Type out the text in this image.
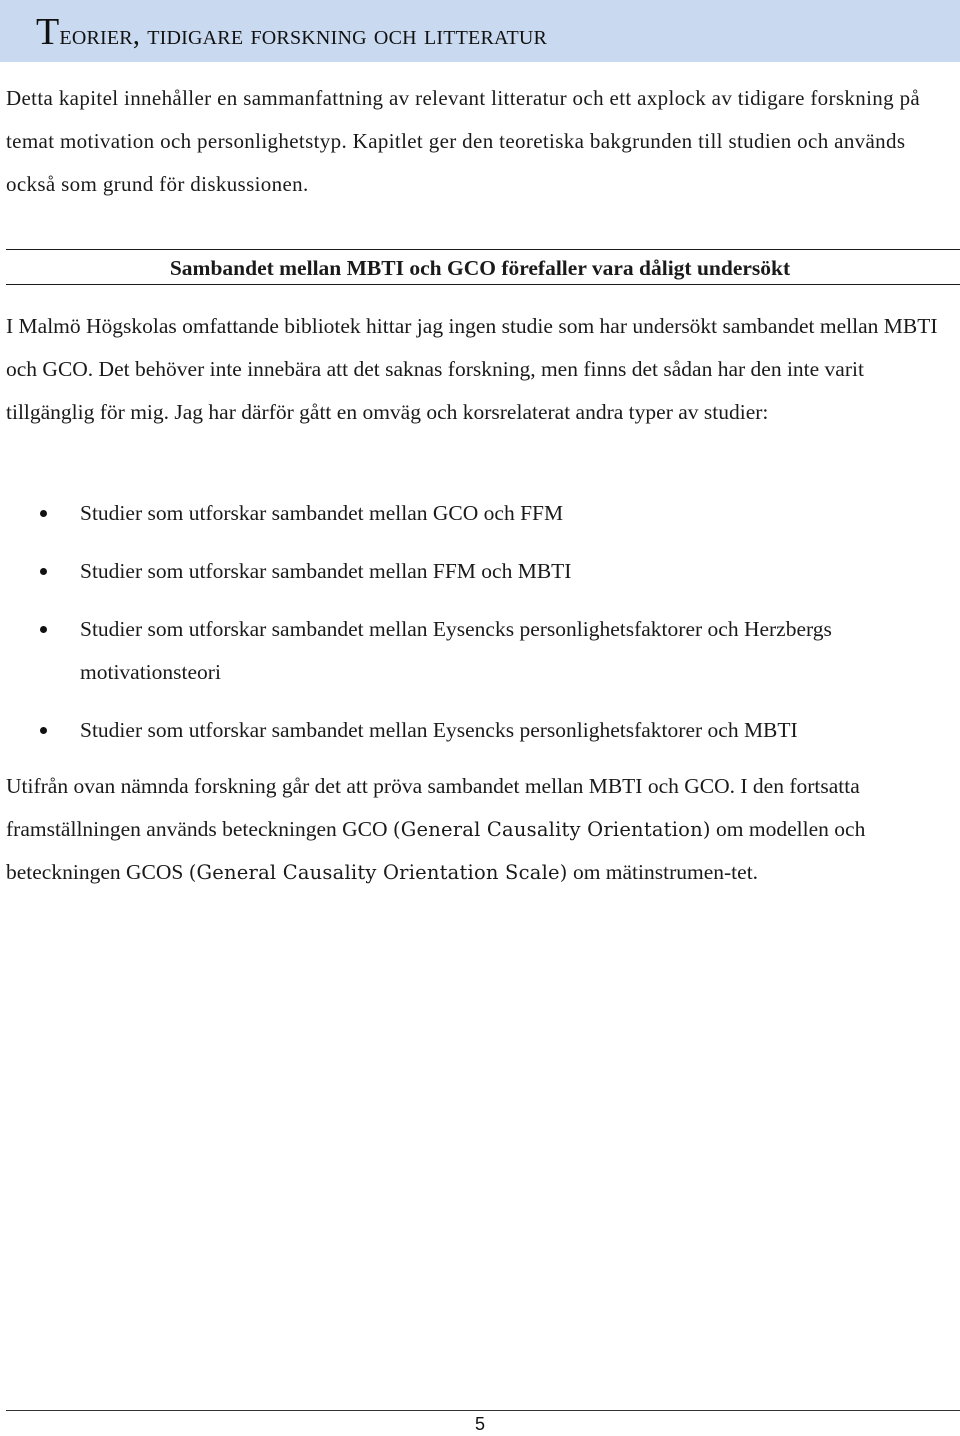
Teorier, tidigare forskning och litteratur

Detta kapitel innehåller en sammanfattning av relevant litteratur och ett axplock av tidigare forskning på temat motivation och personlighetstyp. Kapitlet ger den teoretiska bakgrunden till studien och används också som grund för diskussionen.

Sambandet mellan MBTI och GCO förefaller vara dåligt undersökt

I Malmö Högskolas omfattande bibliotek hittar jag ingen studie som har undersökt sambandet mellan MBTI och GCO. Det behöver inte innebära att det saknas forskning, men finns det sådan har den inte varit tillgänglig för mig. Jag har därför gått en omväg och korsrelaterat andra typer av studier:

Studier som utforskar sambandet mellan GCO och FFM
Studier som utforskar sambandet mellan FFM och MBTI
Studier som utforskar sambandet mellan Eysencks personlighetsfaktorer och Herzbergs motivationsteori
Studier som utforskar sambandet mellan Eysencks personlighetsfaktorer och MBTI

Utifrån ovan nämnda forskning går det att pröva sambandet mellan MBTI och GCO. I den fortsatta framställningen används beteckningen GCO (General Causality Orientation) om modellen och beteckningen GCOS (General Causality Orientation Scale) om mätinstrumen-tet.

5
